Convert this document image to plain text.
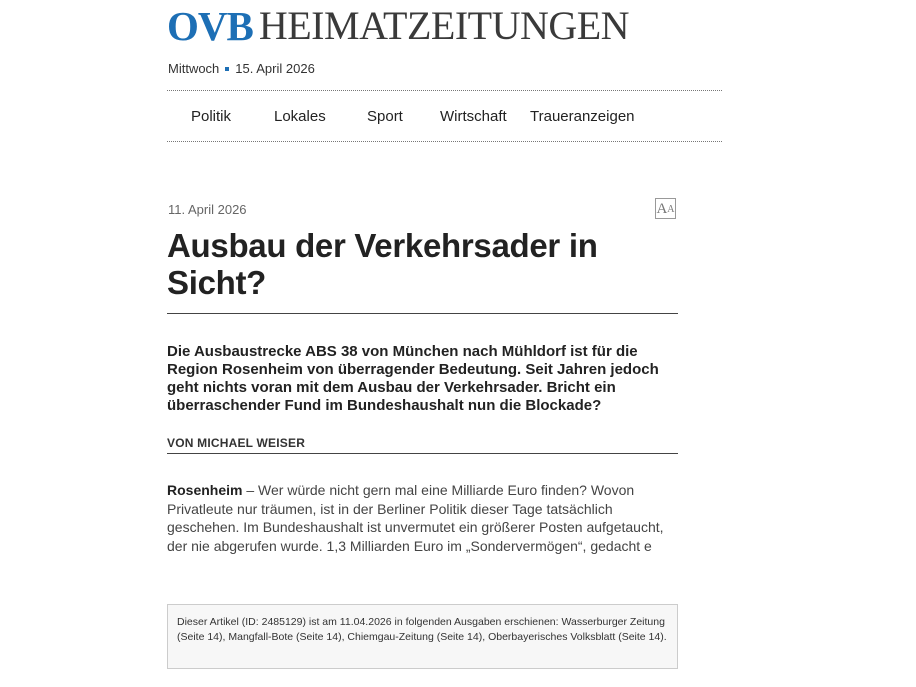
OVB HEIMATZEITUNGEN
Mittwoch 15. April 2026
Politik	Lokales	Sport Wirtschaft Traueranzeigen
11. April 2026	A A
Ausbau der Verkehrsader in Sicht?

Die Ausbaustrecke ABS 38 von München nach Mühldorf ist für die Region Rosenheim von überragender Bedeutung. Seit Jahren jedoch geht nichts voran mit dem Ausbau der Verkehrsader. Bricht ein überraschender Fund im Bundeshaushalt nun die Blockade?

VON MICHAEL WEISER

Rosenheim – Wer würde nicht gern mal eine Milliarde Euro finden? Wovon Privatleute nur träumen, ist in der Berliner Politik dieser Tage tatsächlich geschehen. Im Bundeshaushalt ist unvermutet ein größerer Posten aufgetaucht, der nie abgerufen wurde. 1,3 Milliarden Euro im „Sondervermögen“, gedacht e

Dieser Artikel (ID: 2485129) ist am 11.04.2026 in folgenden Ausgaben erschienen: Wasserburger Zeitung (Seite 14), Mangfall-Bote (Seite 14), Chiemgau-Zeitung (Seite 14), Oberbayerisches Volksblatt (Seite 14).
